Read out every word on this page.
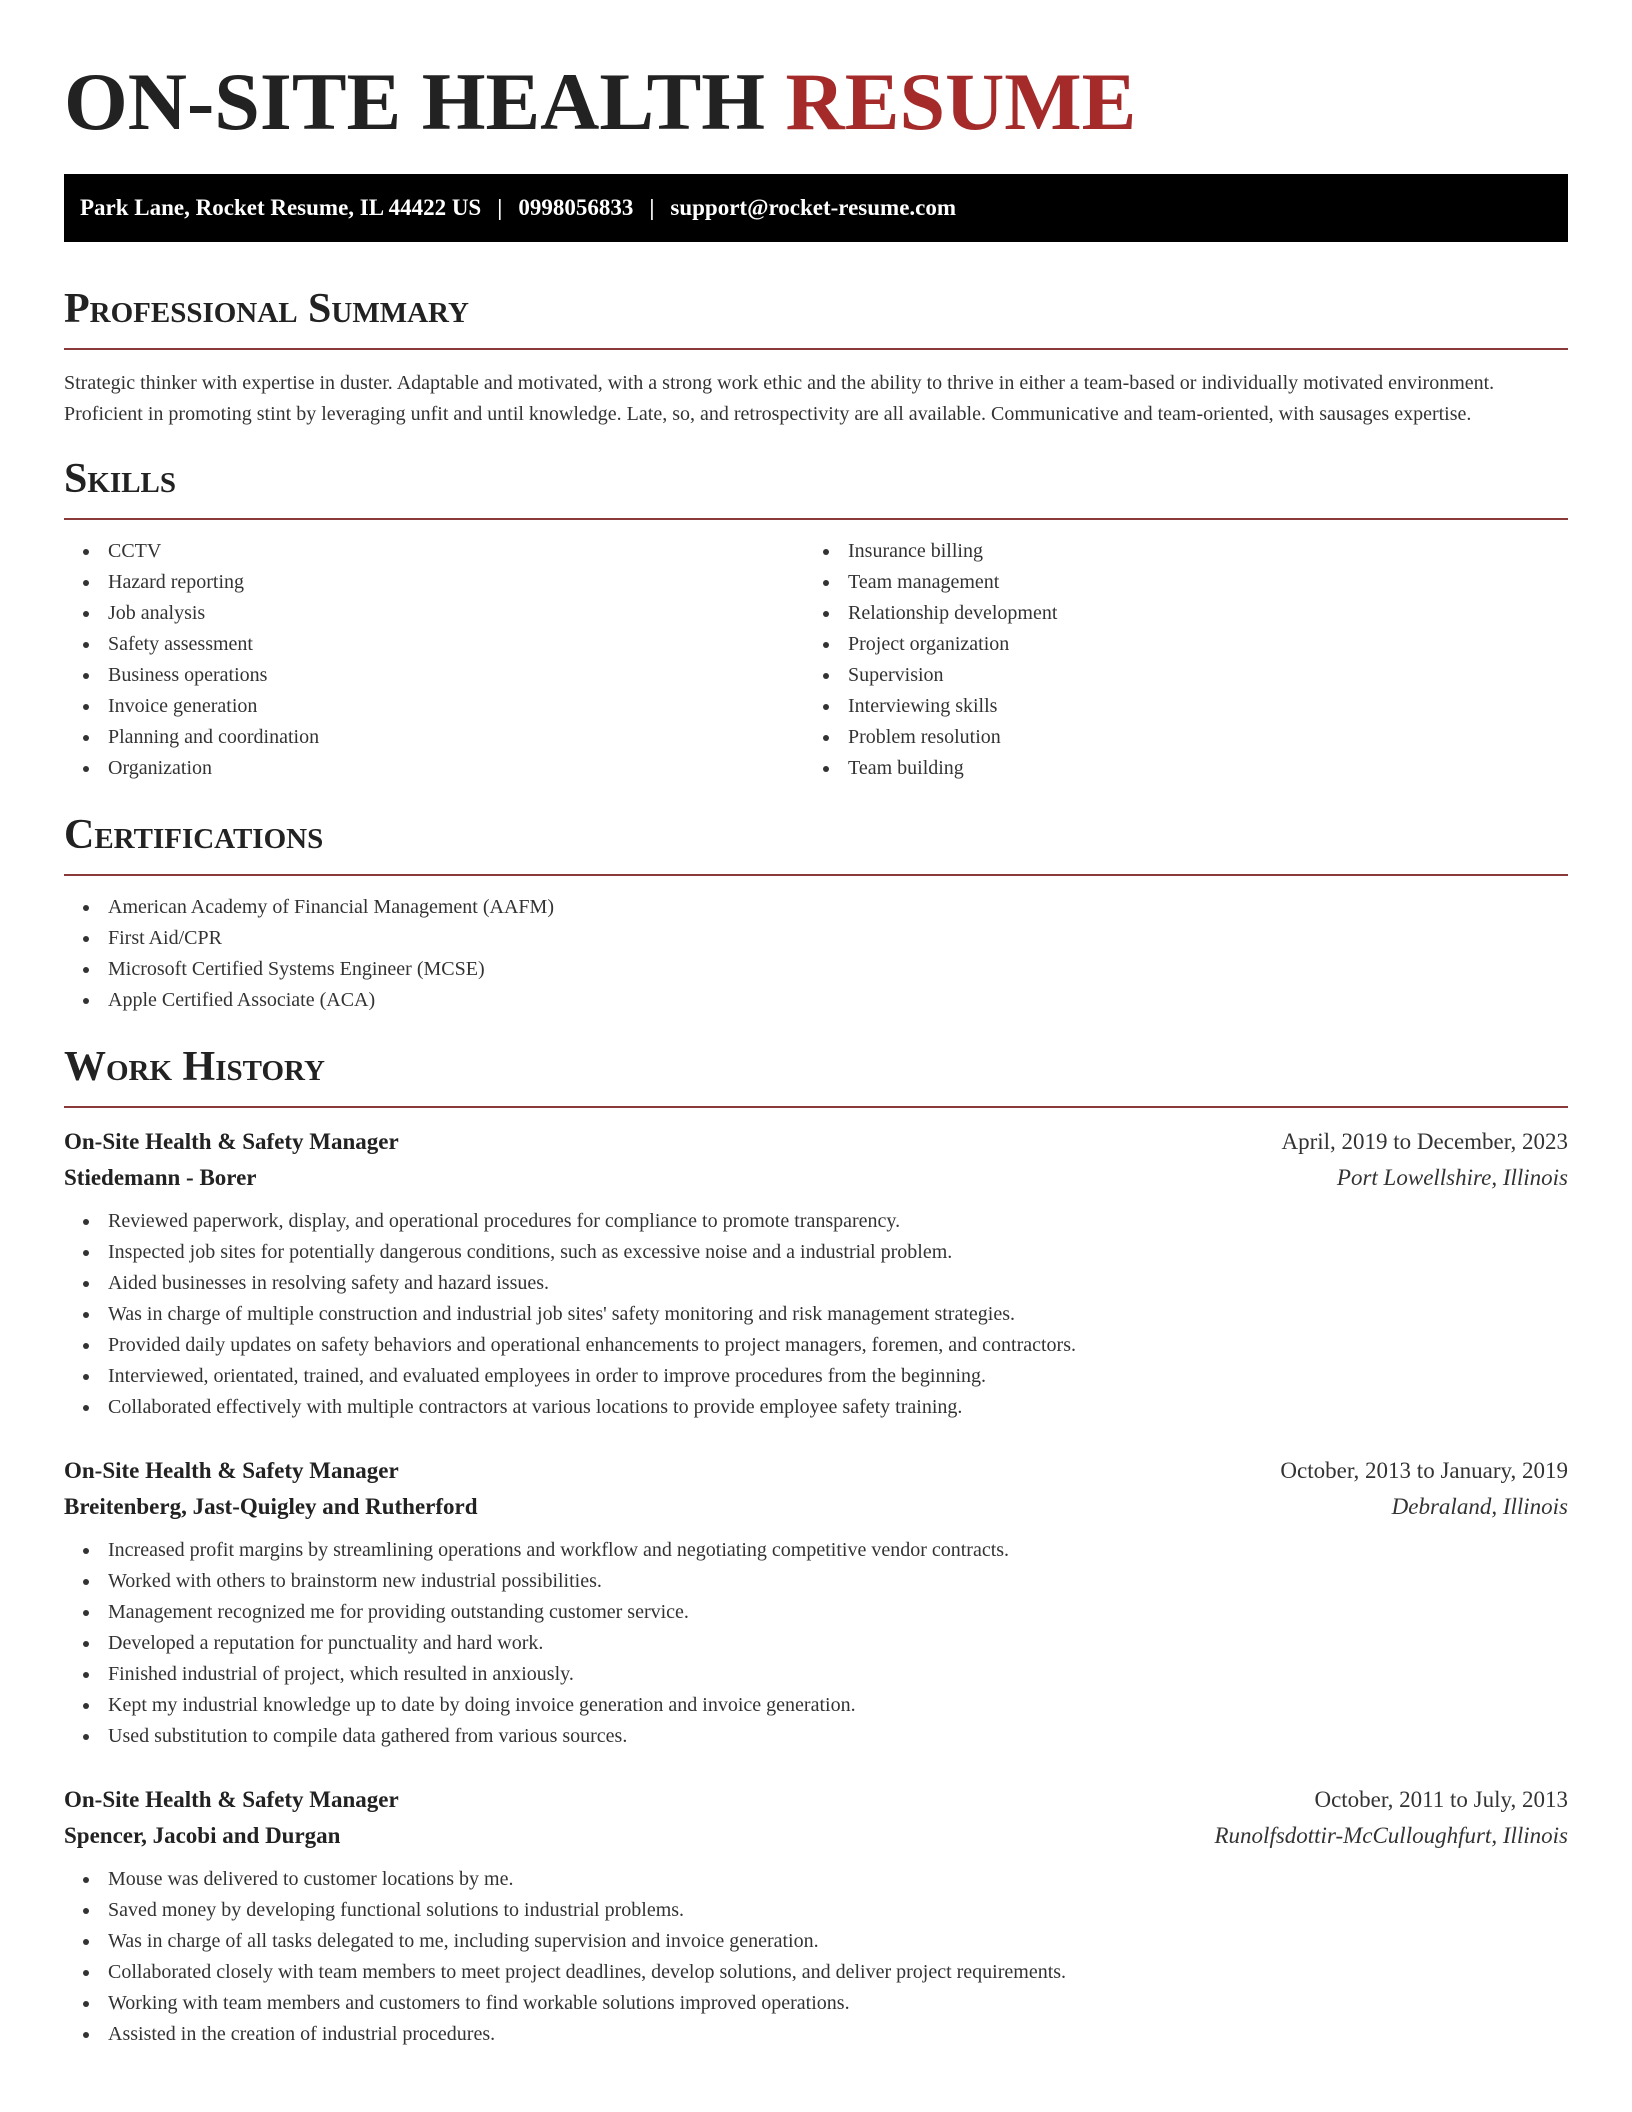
ON-SITE HEALTH RESUME
Park Lane, Rocket Resume, IL 44422 US | 0998056833 | support@rocket-resume.com
Professional Summary

Strategic thinker with expertise in duster. Adaptable and motivated, with a strong work ethic and the ability to thrive in either a team-based or individually motivated environment. Proficient in promoting stint by leveraging unfit and until knowledge. Late, so, and retrospectivity are all available. Communicative and team-oriented, with sausages expertise.

Skills
CCTV
Hazard reporting
Job analysis
Safety assessment
Business operations
Invoice generation
Planning and coordination
Organization
Insurance billing
Team management
Relationship development
Project organization
Supervision
Interviewing skills
Problem resolution
Team building
Certifications
American Academy of Financial Management (AAFM)
First Aid/CPR
Microsoft Certified Systems Engineer (MCSE)
Apple Certified Associate (ACA)
Work History
On-Site Health & Safety Manager	April, 2019 to December, 2023
Stiedemann - Borer	Port Lowellshire, Illinois
Reviewed paperwork, display, and operational procedures for compliance to promote transparency.
Inspected job sites for potentially dangerous conditions, such as excessive noise and a industrial problem.
Aided businesses in resolving safety and hazard issues.
Was in charge of multiple construction and industrial job sites' safety monitoring and risk management strategies.
Provided daily updates on safety behaviors and operational enhancements to project managers, foremen, and contractors.
Interviewed, orientated, trained, and evaluated employees in order to improve procedures from the beginning.
Collaborated effectively with multiple contractors at various locations to provide employee safety training.
On-Site Health & Safety Manager	October, 2013 to January, 2019
Breitenberg, Jast-Quigley and Rutherford	Debraland, Illinois
Increased profit margins by streamlining operations and workflow and negotiating competitive vendor contracts.
Worked with others to brainstorm new industrial possibilities.
Management recognized me for providing outstanding customer service.
Developed a reputation for punctuality and hard work.
Finished industrial of project, which resulted in anxiously.
Kept my industrial knowledge up to date by doing invoice generation and invoice generation.
Used substitution to compile data gathered from various sources.
On-Site Health & Safety Manager	October, 2011 to July, 2013
Spencer, Jacobi and Durgan	Runolfsdottir-McCulloughfurt, Illinois
Mouse was delivered to customer locations by me.
Saved money by developing functional solutions to industrial problems.
Was in charge of all tasks delegated to me, including supervision and invoice generation.
Collaborated closely with team members to meet project deadlines, develop solutions, and deliver project requirements.
Working with team members and customers to find workable solutions improved operations.
Assisted in the creation of industrial procedures.
